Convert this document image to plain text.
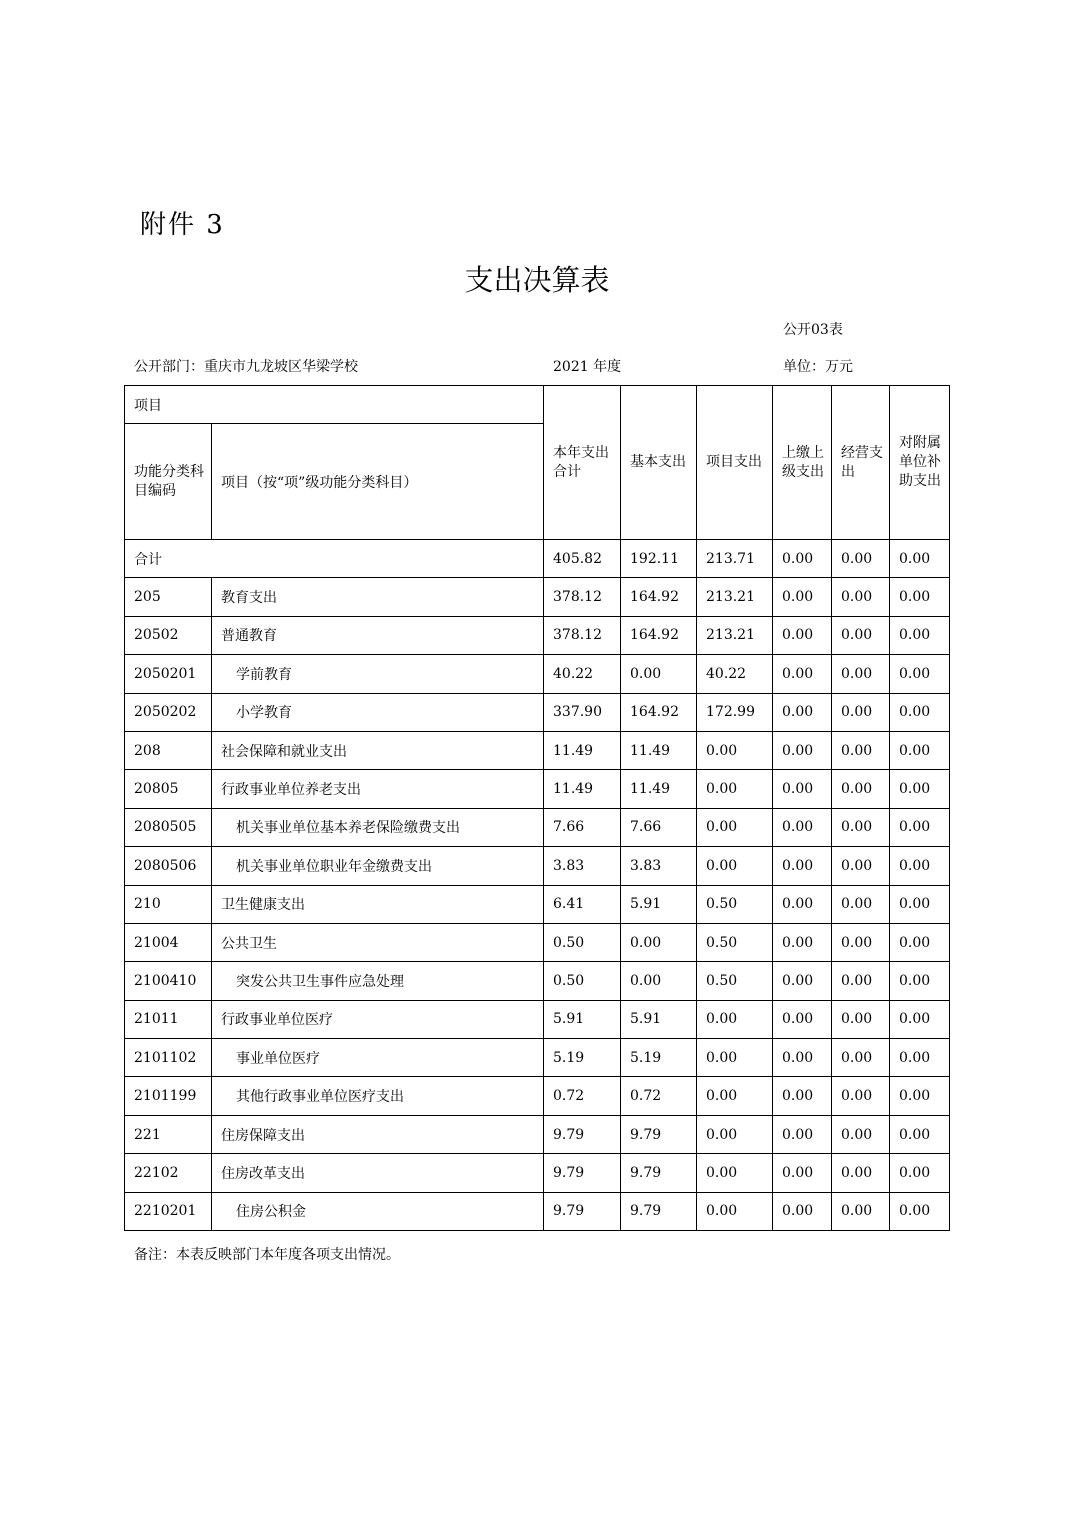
附件 3
支出决算表
公开03表
公开部门：重庆市九龙坡区华梁学校	2021 年度	单位：万元
项目		本年支出合计	基本支出	项目支出	上缴上级支出	经营支出	对附属单位补助支出
功能分类科目编码	项目（按“项”级功能分类科目）						
合计		405.82	192.11	213.71	0.00	0.00	0.00
205	教育支出	378.12	164.92	213.21	0.00	0.00	0.00
20502	普通教育	378.12	164.92	213.21	0.00	0.00	0.00
2050201	学前教育	40.22	0.00	40.22	0.00	0.00	0.00
2050202	小学教育	337.90	164.92	172.99	0.00	0.00	0.00
208	社会保障和就业支出	11.49	11.49	0.00	0.00	0.00	0.00
20805	行政事业单位养老支出	11.49	11.49	0.00	0.00	0.00	0.00
2080505	机关事业单位基本养老保险缴费支出	7.66	7.66	0.00	0.00	0.00	0.00
2080506	机关事业单位职业年金缴费支出	3.83	3.83	0.00	0.00	0.00	0.00
210	卫生健康支出	6.41	5.91	0.50	0.00	0.00	0.00
21004	公共卫生	0.50	0.00	0.50	0.00	0.00	0.00
2100410	突发公共卫生事件应急处理	0.50	0.00	0.50	0.00	0.00	0.00
21011	行政事业单位医疗	5.91	5.91	0.00	0.00	0.00	0.00
2101102	事业单位医疗	5.19	5.19	0.00	0.00	0.00	0.00
2101199	其他行政事业单位医疗支出	0.72	0.72	0.00	0.00	0.00	0.00
221	住房保障支出	9.79	9.79	0.00	0.00	0.00	0.00
22102	住房改革支出	9.79	9.79	0.00	0.00	0.00	0.00
2210201	住房公积金	9.79	9.79	0.00	0.00	0.00	0.00
备注：本表反映部门本年度各项支出情况。
